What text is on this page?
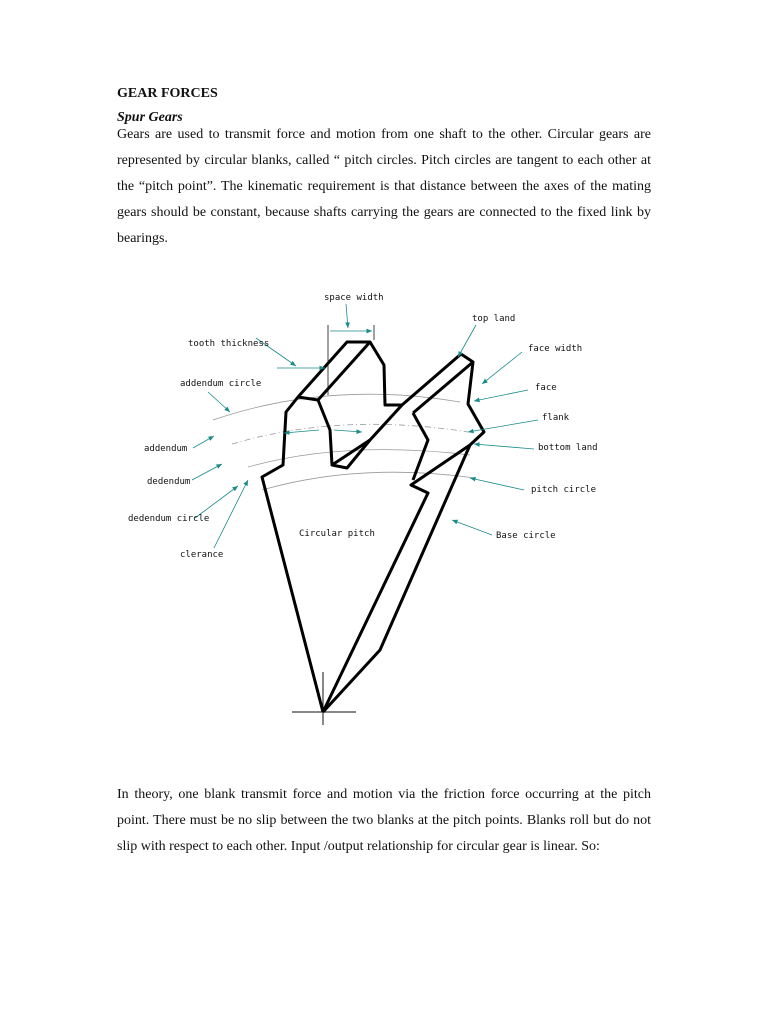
GEAR FORCES
Spur Gears

Gears are used to transmit force and motion from one shaft to the other. Circular gears are represented by circular blanks, called “ pitch circles. Pitch circles are tangent to each other at the “pitch point”. The kinematic requirement is that distance between the axes of the mating gears should be constant, because shafts carrying the gears are connected to the fixed link by bearings.

space width
top land
tooth thickness	face width
addendum circle	face
flank
addendum	bottom land
dedendum
pitch circle
dedendum circle
Circular pitch	Base circle
clerance

In theory, one blank transmit force and motion via the friction force occurring at the pitch point. There must be no slip between the two blanks at the pitch points. Blanks roll but do not slip with respect to each other. Input /output relationship for circular gear is linear. So:
